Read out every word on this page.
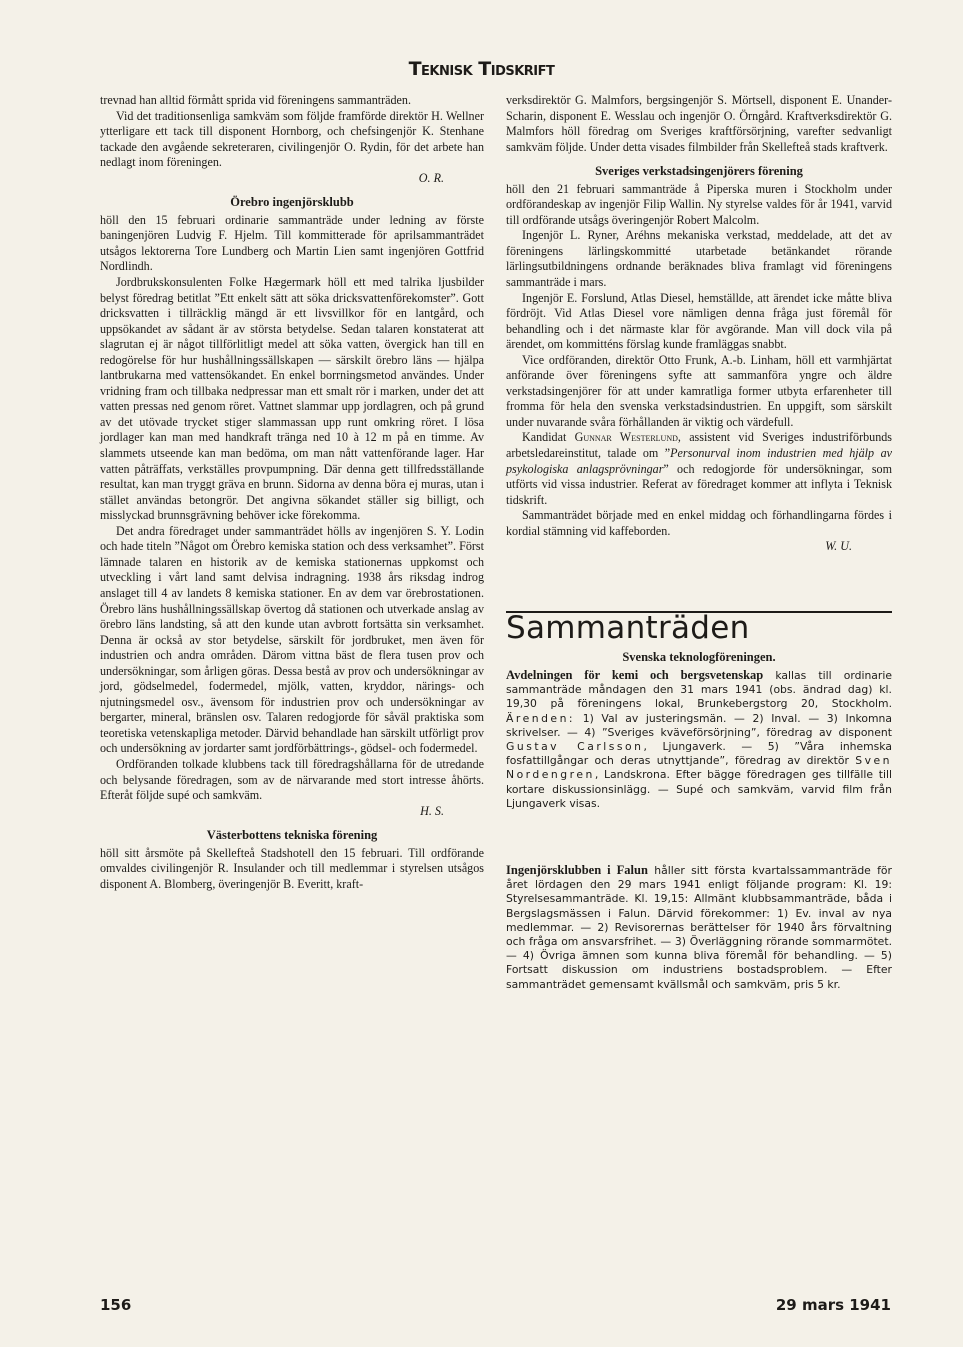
Teknisk Tidskrift

trevnad han alltid förmått sprida vid föreningens sammanträden.

Vid det traditionsenliga samkväm som följde framförde direktör H. Wellner ytterligare ett tack till disponent Hornborg, och chefsingenjör K. Stenhane tackade den avgående sekreteraren, civilingenjör O. Rydin, för det arbete han nedlagt inom föreningen.

O. R.

Örebro ingenjörsklubb

höll den 15 februari ordinarie sammanträde under ledning av förste baningenjören Ludvig F. Hjelm. Till kommitterade för aprilsammanträdet utsågos lektorerna Tore Lundberg och Martin Lien samt ingenjören Gottfrid Nordlindh.

Jordbrukskonsulenten Folke Hægermark höll ett med talrika ljusbilder belyst föredrag betitlat ”Ett enkelt sätt att söka dricksvattenförekomster”. Gott dricksvatten i tillräcklig mängd är ett livsvillkor för en lantgård, och uppsökandet av sådant är av största betydelse. Sedan talaren konstaterat att slagrutan ej är något tillförlitligt medel att söka vatten, övergick han till en redogörelse för hur hushållningssällskapen — särskilt örebro läns — hjälpa lantbrukarna med vattensökandet. En enkel borrningsmetod användes. Under vridning fram och tillbaka nedpressar man ett smalt rör i marken, under det att vatten pressas ned genom röret. Vattnet slammar upp jordlagren, och på grund av det utövade trycket stiger slammassan upp runt omkring röret. I lösa jordlager kan man med handkraft tränga ned 10 à 12 m på en timme. Av slammets utseende kan man bedöma, om man nått vattenförande lager. Har vatten påträffats, verkställes provpumpning. Där denna gett tillfredsställande resultat, kan man tryggt gräva en brunn. Sidorna av denna böra ej muras, utan i stället användas betongrör. Det angivna sökandet ställer sig billigt, och misslyckad brunnsgrävning behöver icke förekomma.

Det andra föredraget under sammanträdet hölls av ingenjören S. Y. Lodin och hade titeln ”Något om Örebro kemiska station och dess verksamhet”. Först lämnade talaren en historik av de kemiska stationernas uppkomst och utveckling i vårt land samt delvisa indragning. 1938 års riksdag indrog anslaget till 4 av landets 8 kemiska stationer. En av dem var örebrostationen. Örebro läns hushållningssällskap övertog då stationen och utverkade anslag av örebro läns landsting, så att den kunde utan avbrott fortsätta sin verksamhet. Denna är också av stor betydelse, särskilt för jordbruket, men även för industrien och andra områden. Därom vittna bäst de flera tusen prov och undersökningar, som årligen göras. Dessa bestå av prov och undersökningar av jord, gödselmedel, fodermedel, mjölk, vatten, kryddor, närings- och njutningsmedel osv., ävensom för industrien prov och undersökningar av bergarter, mineral, bränslen osv. Talaren redogjorde för såväl praktiska som teoretiska vetenskapliga metoder. Därvid behandlade han särskilt utförligt prov och undersökning av jordarter samt jordförbättrings-, gödsel- och fodermedel.

Ordföranden tolkade klubbens tack till föredragshållarna för de utredande och belysande föredragen, som av de närvarande med stort intresse åhörts. Efteråt följde supé och samkväm.

H. S.

Västerbottens tekniska förening

höll sitt årsmöte på Skellefteå Stadshotell den 15 februari. Till ordförande omvaldes civilingenjör R. Insulander och till medlemmar i styrelsen utsågos disponent A. Blomberg, överingenjör B. Everitt, kraft-

verksdirektör G. Malmfors, bergsingenjör S. Mörtsell, disponent E. Unander-Scharin, disponent E. Wesslau och ingenjör O. Örngård. Kraftverksdirektör G. Malmfors höll föredrag om Sveriges kraftförsörjning, varefter sedvanligt samkväm följde. Under detta visades filmbilder från Skellefteå stads kraftverk.

Sveriges verkstadsingenjörers förening

höll den 21 februari sammanträde å Piperska muren i Stockholm under ordförandeskap av ingenjör Filip Wallin. Ny styrelse valdes för år 1941, varvid till ordförande utsågs överingenjör Robert Malcolm.

Ingenjör L. Ryner, Aréhns mekaniska verkstad, meddelade, att det av föreningens lärlingskommitté utarbetade betänkandet rörande lärlingsutbildningens ordnande beräknades bliva framlagt vid föreningens sammanträde i mars.

Ingenjör E. Forslund, Atlas Diesel, hemställde, att ärendet icke måtte bliva fördröjt. Vid Atlas Diesel vore nämligen denna fråga just föremål för behandling och i det närmaste klar för avgörande. Man vill dock vila på ärendet, om kommitténs förslag kunde framläggas snabbt.

Vice ordföranden, direktör Otto Frunk, A.-b. Linham, höll ett varmhjärtat anförande över föreningens syfte att sammanföra yngre och äldre verkstadsingenjörer för att under kamratliga former utbyta erfarenheter till fromma för hela den svenska verkstadsindustrien. En uppgift, som särskilt under nuvarande svåra förhållanden är viktig och värdefull.

Kandidat Gunnar Westerlund, assistent vid Sveriges industriförbunds arbetsledareinstitut, talade om ”Personurval inom industrien med hjälp av psykologiska anlagsprövningar” och redogjorde för undersökningar, som utförts vid vissa industrier. Referat av föredraget kommer att inflyta i Teknisk tidskrift.

Sammanträdet började med en enkel middag och förhandlingarna fördes i kordial stämning vid kaffeborden.

W. U.

Sammanträden
Svenska teknologföreningen.

Avdelningen för kemi och bergsvetenskap kallas till ordinarie sammanträde måndagen den 31 mars 1941 (obs. ändrad dag) kl. 19,30 på föreningens lokal, Brunkebergstorg 20, Stockholm. Ärenden: 1) Val av justeringsmän. — 2) Inval. — 3) Inkomna skrivelser. — 4) ”Sveriges kväveförsörjning”, föredrag av disponent Gustav Carlsson, Ljungaverk. — 5) ”Våra inhemska fosfattillgångar och deras utnyttjande”, föredrag av direktör Sven Nordengren, Landskrona. Efter bägge föredragen ges tillfälle till kortare diskussionsinlägg. — Supé och samkväm, varvid film från Ljungaverk visas.

Ingenjörsklubben i Falun håller sitt första kvartalssammanträde för året lördagen den 29 mars 1941 enligt följande program: Kl. 19: Styrelsesammanträde. Kl. 19,15: Allmänt klubbsammanträde, båda i Bergslagsmässen i Falun. Därvid förekommer: 1) Ev. inval av nya medlemmar. — 2) Revisorernas berättelser för 1940 års förvaltning och fråga om ansvarsfrihet. — 3) Överläggning rörande sommarmötet. — 4) Övriga ämnen som kunna bliva föremål för behandling. — 5) Fortsatt diskussion om industriens bostadsproblem. — Efter sammanträdet gemensamt kvällsmål och samkväm, pris 5 kr.

156	29 mars 1941
